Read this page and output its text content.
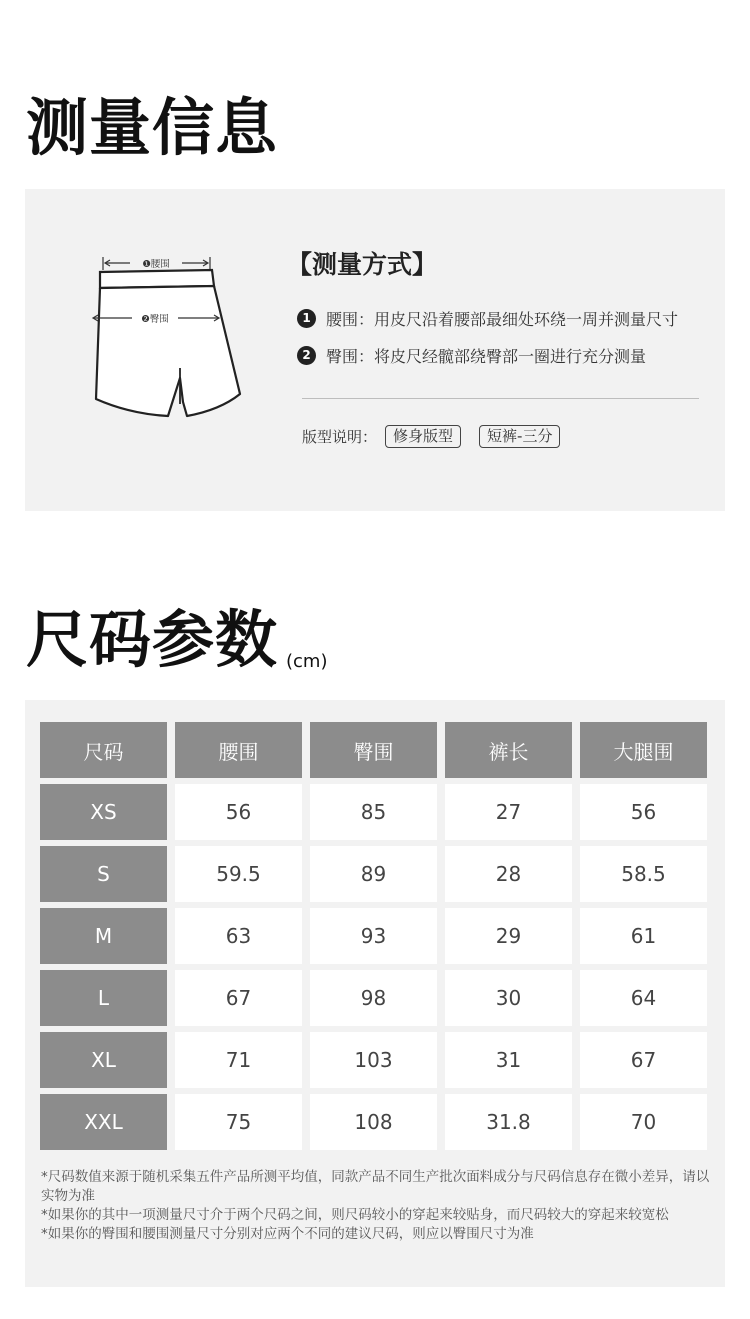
测量信息
❶腰围
❷臀围
【测量方式】
1 腰围：用皮尺沿着腰部最细处环绕一周并测量尺寸
2 臀围：将皮尺经髋部绕臀部一圈进行充分测量
版型说明：	修身版型	短裤-三分
尺码参数 (cm)
尺码	腰围	臀围	裤长	大腿围
XS	56	85	27	56
S	59.5	89	28	58.5
M	63	93	29	61
L	67	98	30	64
XL	71	103	31	67
XXL	75	108	31.8	70

*尺码数值来源于随机采集五件产品所测平均值，同款产品不同生产批次面料成分与尺码信息存在微小差异，请以实物为准

*如果你的其中一项测量尺寸介于两个尺码之间，则尺码较小的穿起来较贴身，而尺码较大的穿起来较宽松

*如果你的臀围和腰围测量尺寸分别对应两个不同的建议尺码，则应以臀围尺寸为准
